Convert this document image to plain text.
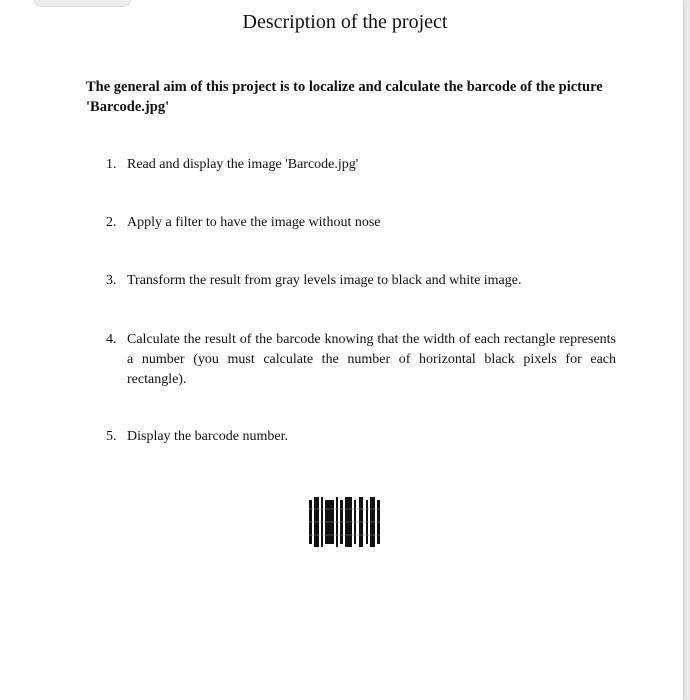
Description of the project
The general aim of this project is to localize and calculate the barcode of the picture 'Barcode.jpg'
1. Read and display the image 'Barcode.jpg'
2. Apply a filter to have the image without nose
3. Transform the result from gray levels image to black and white image.
4. Calculate the result of the barcode knowing that the width of each rectangle represents a number (you must calculate the number of horizontal black pixels for each rectangle).
5. Display the barcode number.
